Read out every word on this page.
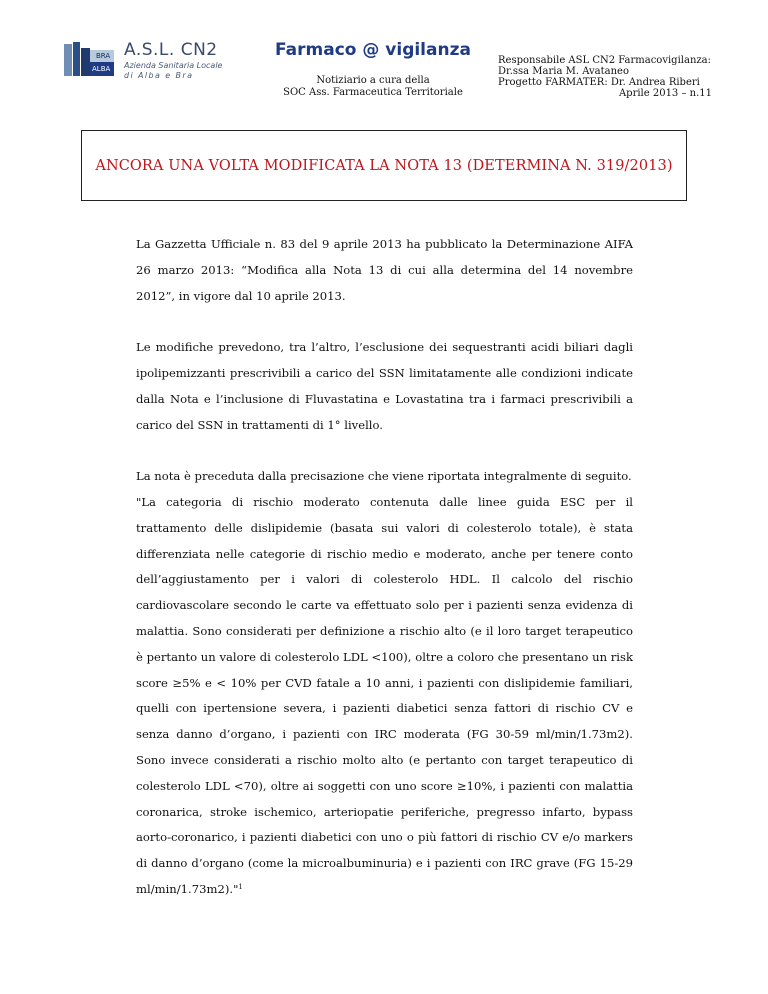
BRA
ALBA
A.S.L. CN2
Azienda Sanitaria Locale
di Alba e Bra
Farmaco @ vigilanza
Notiziario a cura della
SOC Ass. Farmaceutica Territoriale
Responsabile ASL CN2 Farmacovigilanza:
Dr.ssa Maria M. Avataneo
Progetto FARMATER: Dr. Andrea Riberi
Aprile 2013 – n.11
ANCORA UNA VOLTA MODIFICATA LA NOTA 13 (DETERMINA N. 319/2013)

La Gazzetta Ufficiale n. 83 del 9 aprile 2013 ha pubblicato la Determinazione AIFA 26 marzo 2013: “Modifica alla Nota 13 di cui alla determina del 14 novembre 2012”, in vigore dal 10 aprile 2013.

Le modifiche prevedono, tra l’altro, l’esclusione dei sequestranti acidi biliari dagli ipolipemizzanti prescrivibili a carico del SSN limitatamente alle condizioni indicate dalla Nota e l’inclusione di Fluvastatina e Lovastatina tra i farmaci prescrivibili a carico del SSN in trattamenti di 1° livello.

La nota è preceduta dalla precisazione che viene riportata integralmente di seguito.

"La categoria di rischio moderato contenuta dalle linee guida ESC per il trattamento delle dislipidemie (basata sui valori di colesterolo totale), è stata differenziata nelle categorie di rischio medio e moderato, anche per tenere conto dell’aggiustamento per i valori di colesterolo HDL. Il calcolo del rischio cardiovascolare secondo le carte va effettuato solo per i pazienti senza evidenza di malattia. Sono considerati per definizione a rischio alto (e il loro target terapeutico è pertanto un valore di colesterolo LDL <100), oltre a coloro che presentano un risk score ≥5% e < 10% per CVD fatale a 10 anni, i pazienti con dislipidemie familiari, quelli con ipertensione severa, i pazienti diabetici senza fattori di rischio CV e senza danno d’organo, i pazienti con IRC moderata (FG 30-59 ml/min/1.73m2). Sono invece considerati a rischio molto alto (e pertanto con target terapeutico di colesterolo LDL <70), oltre ai soggetti con uno score ≥10%, i pazienti con malattia coronarica, stroke ischemico, arteriopatie periferiche, pregresso infarto, bypass aorto-coronarico, i pazienti diabetici con uno o più fattori di rischio CV e/o markers di danno d’organo (come la microalbuminuria) e i pazienti con IRC grave (FG 15-29 ml/min/1.73m2)."$^1$
